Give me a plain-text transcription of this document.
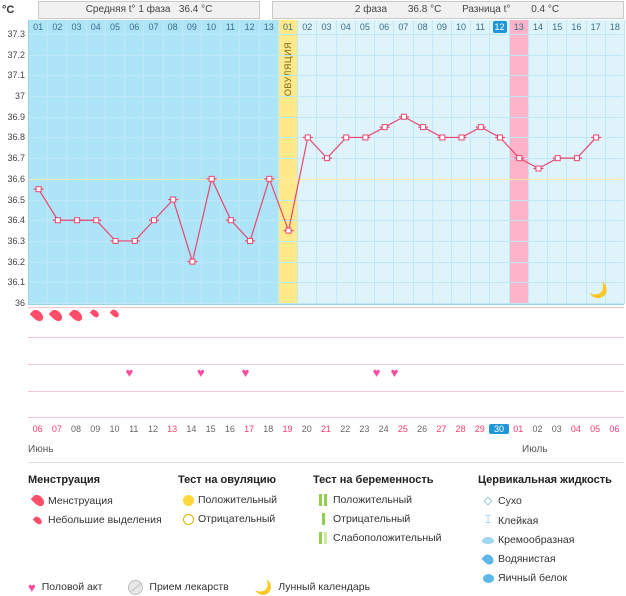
°C	Средняя t° 1 фаза 36.4 °C	2 фаза 36.8 °C Разница t° 0.4 °C
37.3
37.2
37.1
37
36.9
36.8
36.7
36.6
36.5
36.4
36.3
36.2
36.1
36
01	02	03	04	05	06	07	08	09	10	11	12	13	01
ОВУЛЯЦИЯ
02	03	04	05	06	07	08	09	10	11	12	13	14	15	16	17	18
🌙
♥	♥	♥	♥ ♥
06	07	08	09	10	11	12	13	14	15	16	17	18	19	20	21	22	23	24	25	26	27	28	29	30	01	02	03	04	05	06
Июнь	Июль
Менструация
Менструация
Небольшие выделения
Тест на овуляцию
Положительный
Отрицательный
Тест на беременность
Положительный
Отрицательный
Слабоположительный
Цервикальная жидкость
◇ Сухо
⌶ Клейкая
Кремообразная
Водянистая
Яичный белок
♥ Половой акт	Прием лекарств 🌙 Лунный календарь
